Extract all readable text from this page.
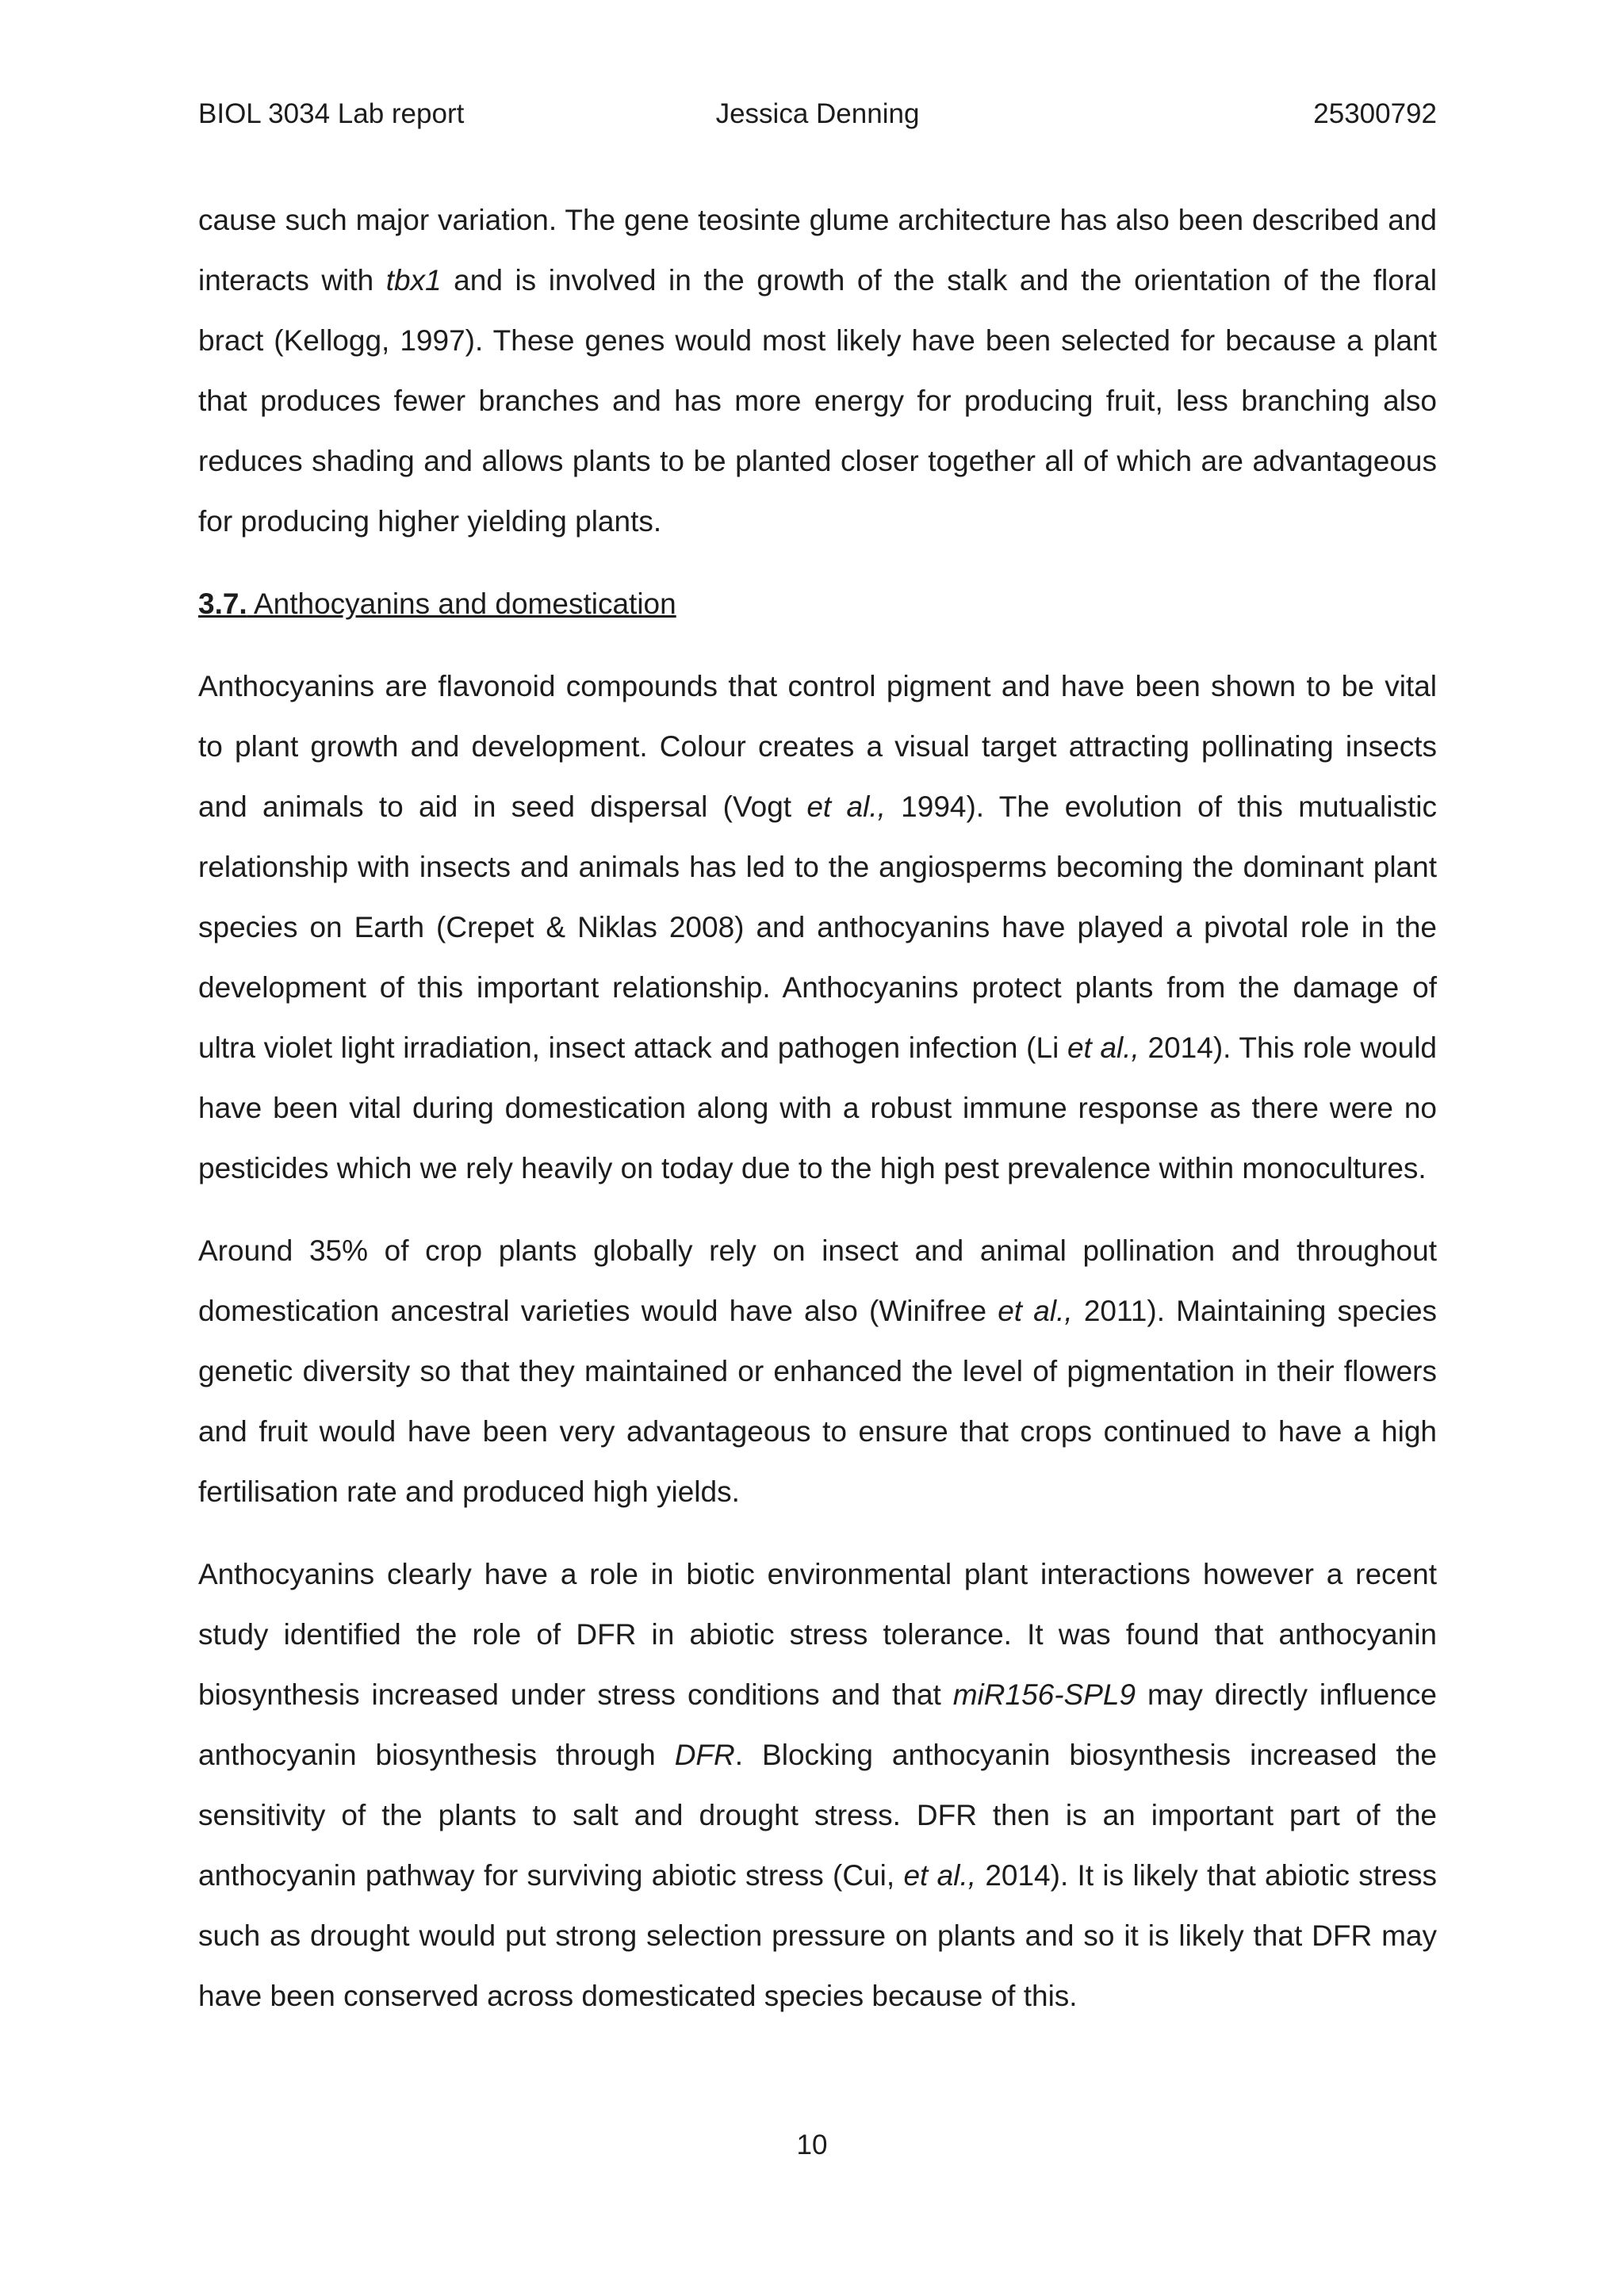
BIOL 3034 Lab report	Jessica Denning	25300792

cause such major variation. The gene teosinte glume architecture has also been described and interacts with tbx1 and is involved in the growth of the stalk and the orientation of the floral bract (Kellogg, 1997). These genes would most likely have been selected for because a plant that produces fewer branches and has more energy for producing fruit, less branching also reduces shading and allows plants to be planted closer together all of which are advantageous for producing higher yielding plants.

3.7. Anthocyanins and domestication

Anthocyanins are flavonoid compounds that control pigment and have been shown to be vital to plant growth and development. Colour creates a visual target attracting pollinating insects and animals to aid in seed dispersal (Vogt et al., 1994). The evolution of this mutualistic relationship with insects and animals has led to the angiosperms becoming the dominant plant species on Earth (Crepet & Niklas 2008) and anthocyanins have played a pivotal role in the development of this important relationship. Anthocyanins protect plants from the damage of ultra violet light irradiation, insect attack and pathogen infection (Li et al., 2014). This role would have been vital during domestication along with a robust immune response as there were no pesticides which we rely heavily on today due to the high pest prevalence within monocultures.

Around 35% of crop plants globally rely on insect and animal pollination and throughout domestication ancestral varieties would have also (Winifree et al., 2011). Maintaining species genetic diversity so that they maintained or enhanced the level of pigmentation in their flowers and fruit would have been very advantageous to ensure that crops continued to have a high fertilisation rate and produced high yields.

Anthocyanins clearly have a role in biotic environmental plant interactions however a recent study identified the role of DFR in abiotic stress tolerance. It was found that anthocyanin biosynthesis increased under stress conditions and that miR156-SPL9 may directly influence anthocyanin biosynthesis through DFR. Blocking anthocyanin biosynthesis increased the sensitivity of the plants to salt and drought stress. DFR then is an important part of the anthocyanin pathway for surviving abiotic stress (Cui, et al., 2014). It is likely that abiotic stress such as drought would put strong selection pressure on plants and so it is likely that DFR may have been conserved across domesticated species because of this.

10
